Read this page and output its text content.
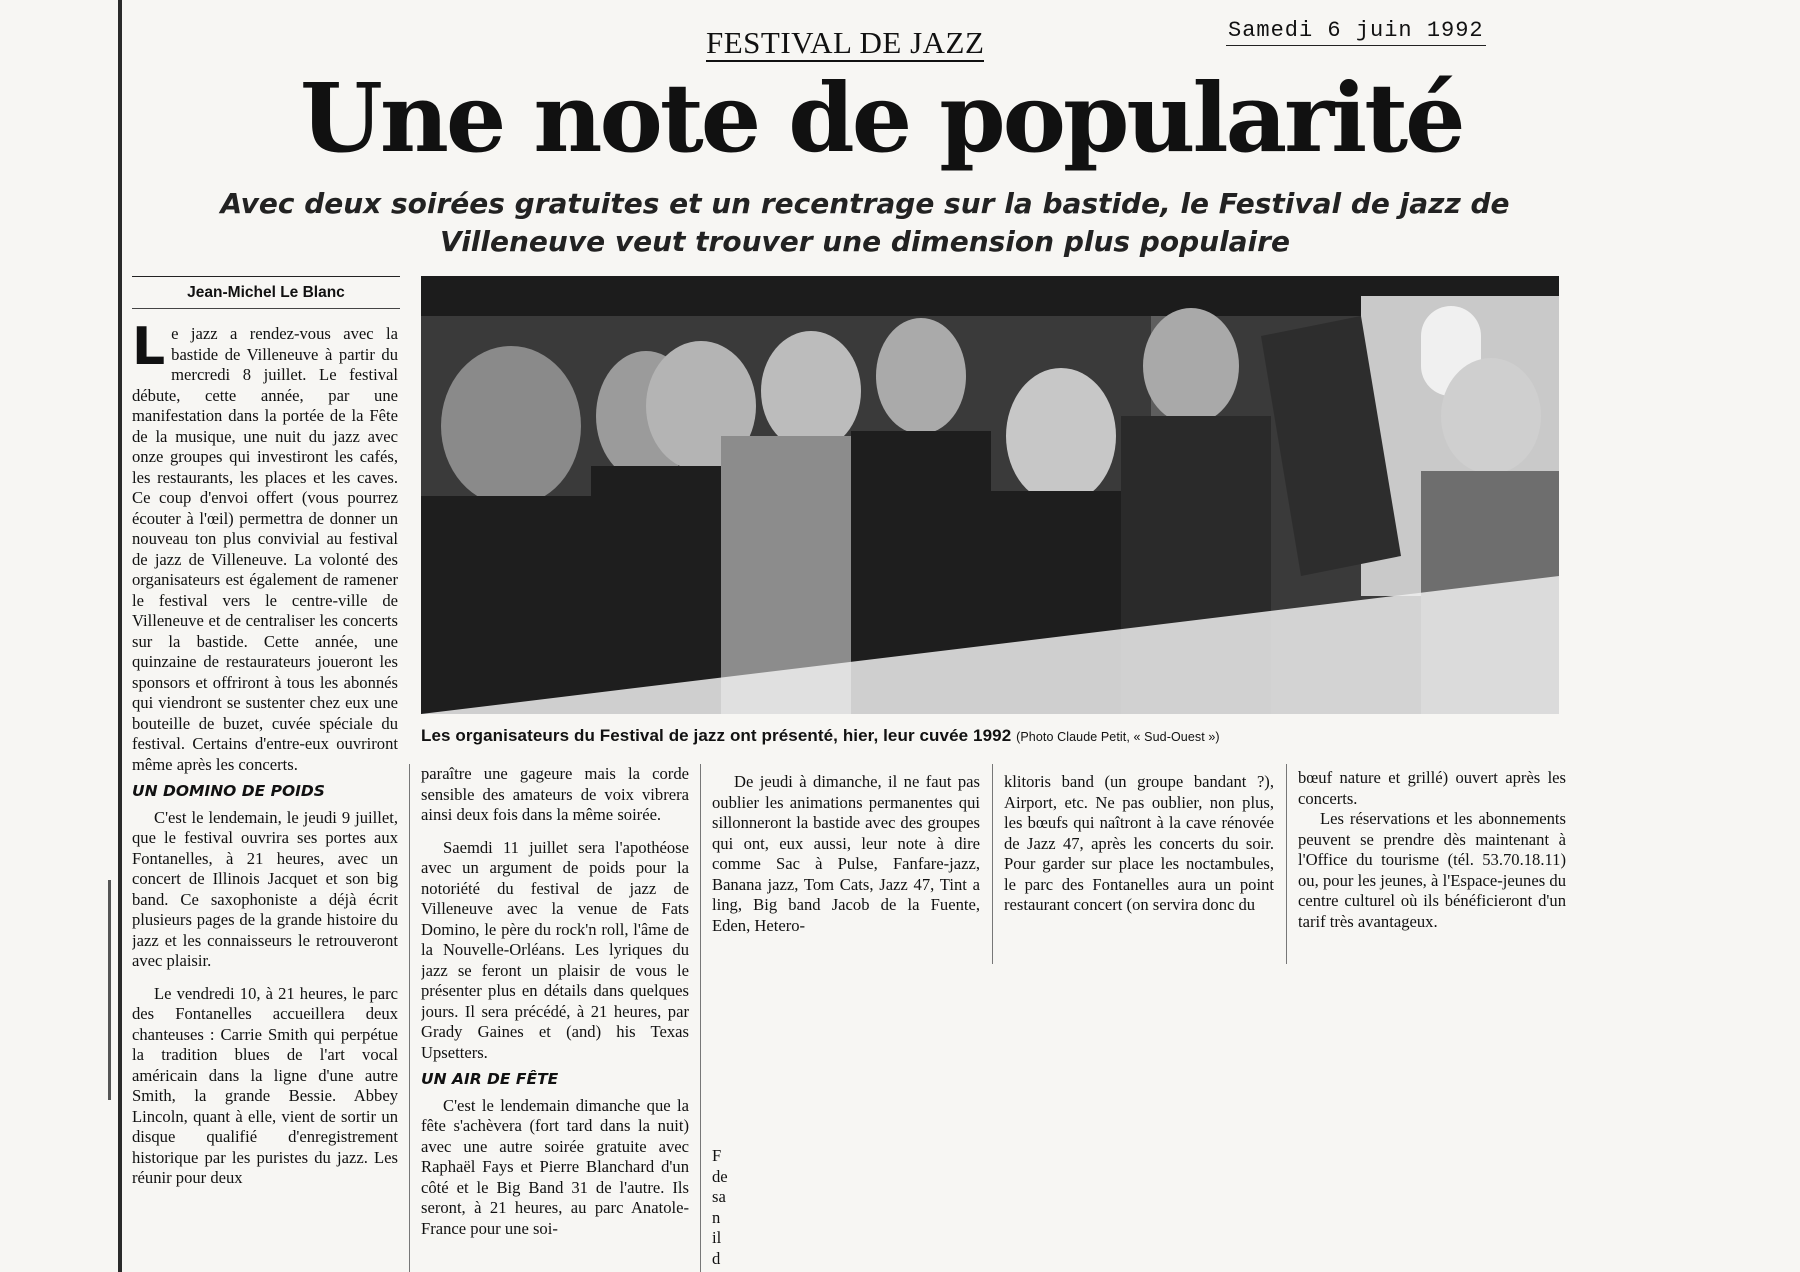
Samedi 6 juin 1992
FESTIVAL DE JAZZ
Une note de popularité
Avec deux soirées gratuites et un recentrage sur la bastide, le Festival de jazz de Villeneuve veut trouver une dimension plus populaire
Jean-Michel Le Blanc
Les organisateurs du Festival de jazz ont présenté, hier, leur cuvée 1992 (Photo Claude Petit, « Sud-Ouest »)

Le jazz a rendez-vous avec la bastide de Villeneuve à partir du mercredi 8 juillet. Le festival débute, cette année, par une manifestation dans la portée de la Fête de la musique, une nuit du jazz avec onze groupes qui investiront les cafés, les restaurants, les places et les caves. Ce coup d'envoi offert (vous pourrez écouter à l'œil) permettra de donner un nouveau ton plus convivial au festival de jazz de Villeneuve. La volonté des organisateurs est également de ramener le festival vers le centre-ville de Villeneuve et de centraliser les concerts sur la bastide. Cette année, une quinzaine de restaurateurs joueront les sponsors et offriront à tous les abonnés qui viendront se sustenter chez eux une bouteille de buzet, cuvée spéciale du festival. Certains d'entre-eux ouvriront même après les concerts.

UN DOMINO DE POIDS

C'est le lendemain, le jeudi 9 juillet, que le festival ouvrira ses portes aux Fontanelles, à 21 heures, avec un concert de Illinois Jacquet et son big band. Ce saxophoniste a déjà écrit plusieurs pages de la grande histoire du jazz et les connaisseurs le retrouveront avec plaisir.

Le vendredi 10, à 21 heures, le parc des Fontanelles accueillera deux chanteuses : Carrie Smith qui perpétue la tradition blues de l'art vocal américain dans la ligne d'une autre Smith, la grande Bessie. Abbey Lincoln, quant à elle, vient de sortir un disque qualifié d'enregistrement historique par les puristes du jazz. Les réunir pour deux

paraître une gageure mais la corde sensible des amateurs de voix vibrera ainsi deux fois dans la même soirée.

Saemdi 11 juillet sera l'apothéose avec un argument de poids pour la notoriété du festival de jazz de Villeneuve avec la venue de Fats Domino, le père du rock'n roll, l'âme de la Nouvelle-Orléans. Les lyriques du jazz se feront un plaisir de vous le présenter plus en détails dans quelques jours. Il sera précédé, à 21 heures, par Grady Gaines et (and) his Texas Upsetters.

UN AIR DE FÊTE

C'est le lendemain dimanche que la fête s'achèvera (fort tard dans la nuit) avec une autre soirée gratuite avec Raphaël Fays et Pierre Blanchard d'un côté et le Big Band 31 de l'autre. Ils seront, à 21 heures, au parc Anatole-France pour une soi-

De jeudi à dimanche, il ne faut pas oublier les animations permanentes qui sillonneront la bastide avec des groupes qui ont, eux aussi, leur note à dire comme Sac à Pulse, Fanfare-jazz, Banana jazz, Tom Cats, Jazz 47, Tint a ling, Big band Jacob de la Fuente, Eden, Hetero-

klitoris band (un groupe bandant ?), Airport, etc. Ne pas oublier, non plus, les bœufs qui naîtront à la cave rénovée de Jazz 47, après les concerts du soir. Pour garder sur place les noctambules, le parc des Fontanelles aura un point restaurant concert (on servira donc du

bœuf nature et grillé) ouvert après les concerts.

Les réservations et les abonnements peuvent se prendre dès maintenant à l'Office du tourisme (tél. 53.70.18.11) ou, pour les jeunes, à l'Espace-jeunes du centre culturel où ils bénéficieront d'un tarif très avantageux.

F
de
sa
n
il
d
